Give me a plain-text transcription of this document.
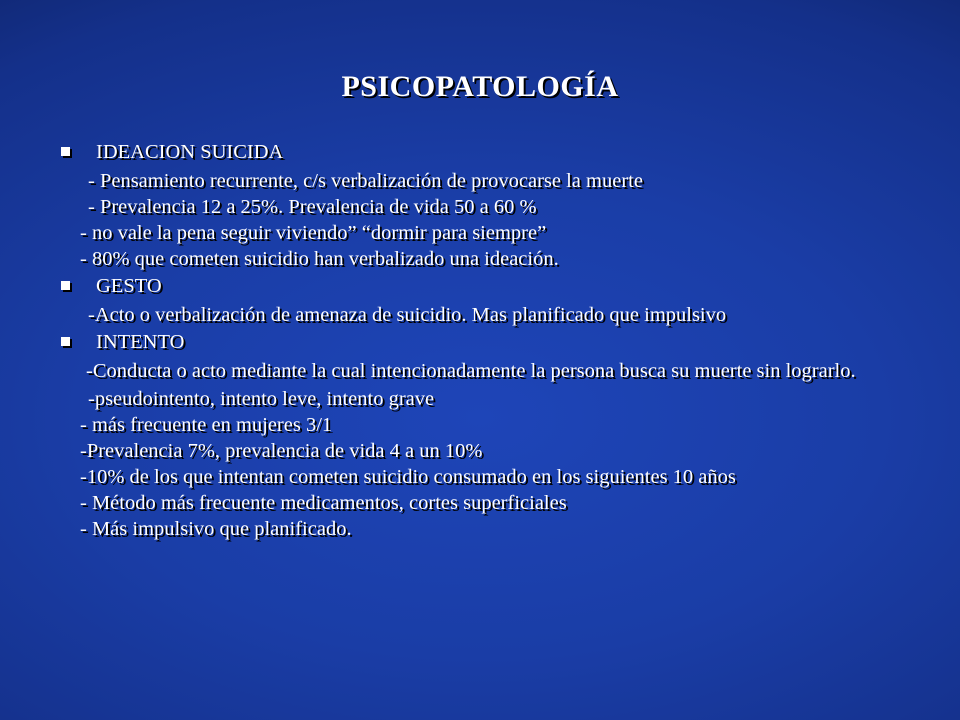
PSICOPATOLOGÍA
IDEACION SUICIDA
- Pensamiento recurrente, c/s verbalización de provocarse la muerte
- Prevalencia 12 a 25%. Prevalencia de vida 50 a 60 %
- no vale la pena seguir viviendo” “dormir para siempre”
- 80% que cometen suicidio han verbalizado una ideación.
GESTO
-Acto o verbalización de amenaza de suicidio. Mas planificado que impulsivo
INTENTO
-Conducta o acto mediante la cual intencionadamente la persona busca su muerte sin lograrlo.
-pseudointento, intento leve, intento grave
- más frecuente en mujeres 3/1
-Prevalencia 7%, prevalencia de vida 4 a un 10%
-10% de los que intentan cometen suicidio consumado en los siguientes 10 años
- Método más frecuente medicamentos, cortes superficiales
- Más impulsivo que planificado.
